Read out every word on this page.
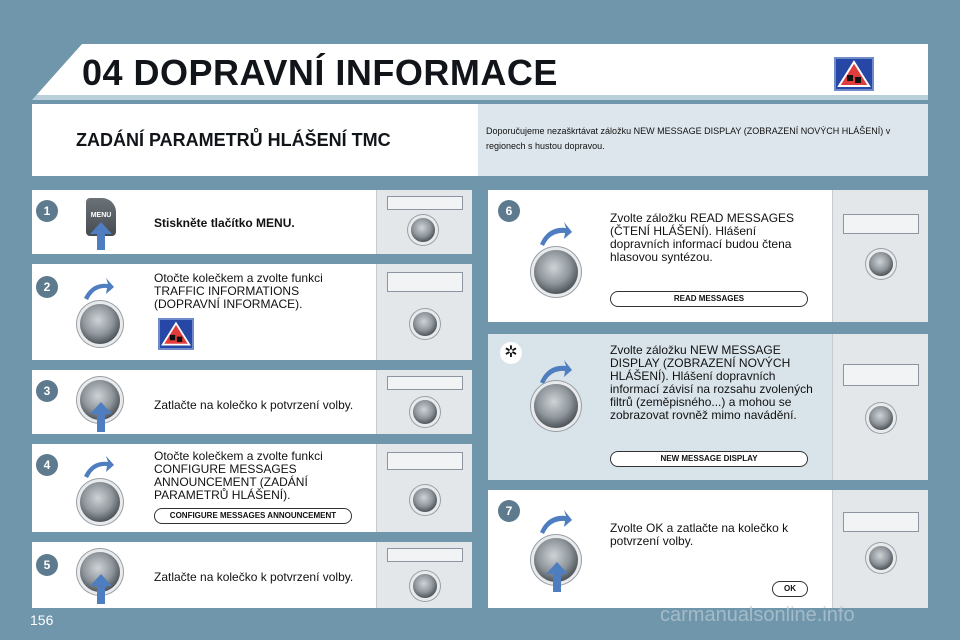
04 DOPRAVNÍ INFORMACE
ZADÁNÍ PARAMETRŮ HLÁŠENÍ TMC	Doporučujeme nezaškrtávat záložku NEW MESSAGE DISPLAY (ZOBRAZENÍ NOVÝCH HLÁŠENÍ) v regionech s hustou dopravou.
1	MENU
Stiskněte tlačítko MENU.
2
Otočte kolečkem a zvolte funkci TRAFFIC INFORMATIONS (DOPRAVNÍ INFORMACE).
3
Zatlačte na kolečko k potvrzení volby.
4
Otočte kolečkem a zvolte funkci CONFIGURE MESSAGES ANNOUNCEMENT (ZADÁNÍ PARAMETRŮ HLÁŠENÍ).
CONFIGURE MESSAGES ANNOUNCEMENT
5
Zatlačte na kolečko k potvrzení volby.
6	Zvolte záložku READ MESSAGES (ČTENÍ HLÁŠENÍ). Hlášení dopravních informací budou čtena hlasovou syntézou.
READ MESSAGES
✲	Zvolte záložku NEW MESSAGE DISPLAY (ZOBRAZENÍ NOVÝCH HLÁŠENÍ). Hlášení dopravních informací závisí na rozsahu zvolených filtrů (zeměpisného...) a mohou se zobrazovat rovněž mimo navádění.
NEW MESSAGE DISPLAY
7
Zvolte OK a zatlačte na kolečko k potvrzení volby.
OK
156	carmanualsonline.info
